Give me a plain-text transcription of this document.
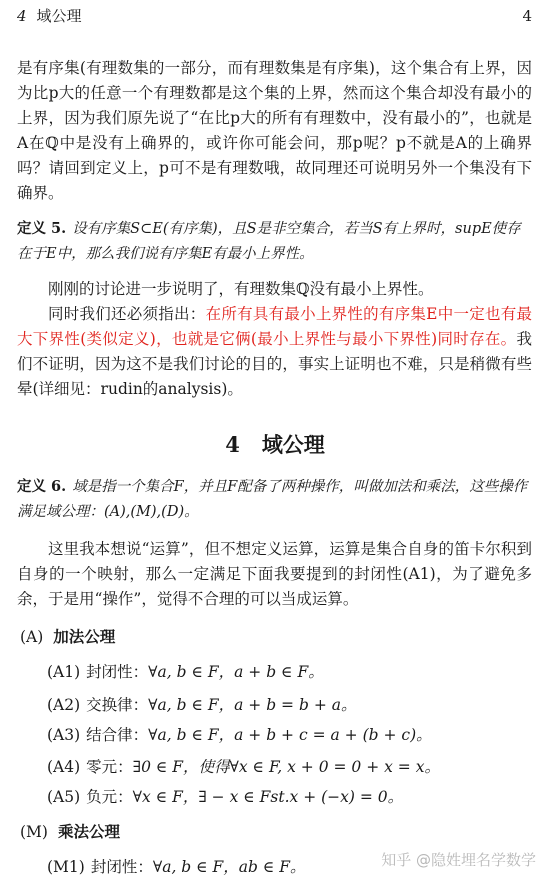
4 域公理	4

是有序集(有理数集的一部分，而有理数集是有序集)，这个集合有上界，因为比p大的任意一个有理数都是这个集的上界，然而这个集合却没有最小的上界，因为我们原先说了“在比p大的所有有理数中，没有最小的”，也就是A在ℚ中是没有上确界的，或许你可能会问，那p呢？p不就是A的上确界吗？请回到定义上，p可不是有理数哦，故同理还可说明另外一个集没有下确界。

定义 5. 设有序集S⊂E(有序集)，且S是非空集合，若当S有上界时，supE使存在于E中，那么我们说有序集E有最小上界性。

刚刚的讨论进一步说明了，有理数集ℚ没有最小上界性。

同时我们还必须指出：在所有具有最小上界性的有序集E中一定也有最大下界性(类似定义)，也就是它俩(最小上界性与最小下界性)同时存在。我们不证明，因为这不是我们讨论的目的，事实上证明也不难，只是稍微有些晕(详细见：rudin的analysis)。

4 域公理

定义 6. 域是指一个集合F，并且F配备了两种操作，叫做加法和乘法，这些操作满足域公理：(A),(M),(D)。

这里我本想说“运算”，但不想定义运算，运算是集合自身的笛卡尔积到自身的一个映射，那么一定满足下面我要提到的封闭性(A1)，为了避免多余，于是用“操作”，觉得不合理的可以当成运算。

(A) 加法公理
(A1) 封闭性：∀a, b ∈ F，a + b ∈ F。
(A2) 交换律：∀a, b ∈ F，a + b = b + a。
(A3) 结合律：∀a, b ∈ F，a + b + c = a + (b + c)。
(A4) 零元：∃0 ∈ F，使得∀x ∈ F, x + 0 = 0 + x = x。
(A5) 负元：∀x ∈ F，∃ − x ∈ Fst.x + (−x) = 0。
(M) 乘法公理
(M1) 封闭性：∀a, b ∈ F，ab ∈ F。	知乎 @隐姓埋名学数学
